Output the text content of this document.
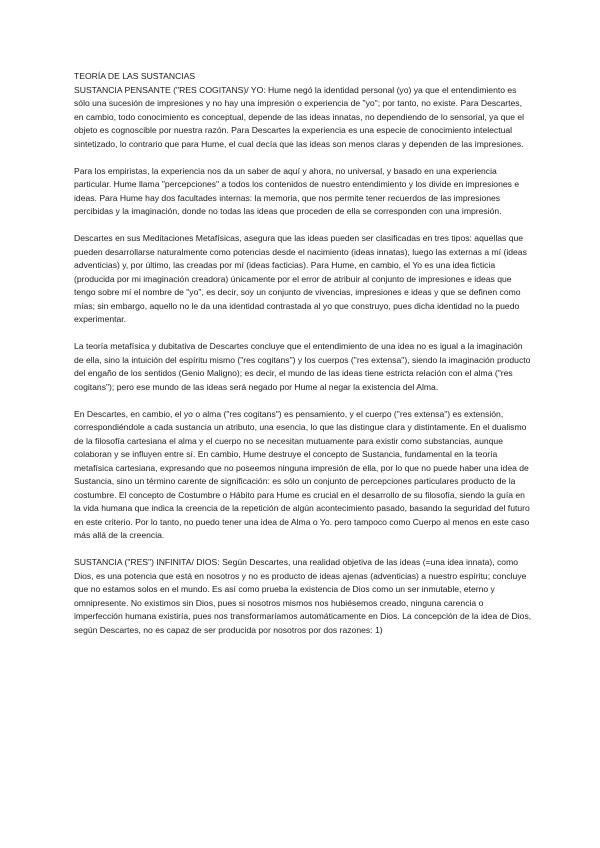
TEORÍA DE LAS SUSTANCIAS

SUSTANCIA PENSANTE ("RES COGITANS)/ YO: Hume negó la identidad personal (yo) ya que el entendimiento es sólo una sucesión de impresiones y no hay una impresión o experiencia de "yo"; por tanto, no existe. Para Descartes, en cambio, todo conocimiento es conceptual, depende de las ideas innatas, no dependiendo de lo sensorial, ya que el objeto es cognoscible por nuestra razón. Para Descartes la experiencia es una especie de conocimiento intelectual sintetizado, lo contrario que para Hume, el cual decía que las ideas son menos claras y dependen de las impresiones.

Para los empiristas, la experiencia nos da un saber de aquí y ahora, no universal, y basado en una experiencia particular. Hume llama "percepciones" a todos los contenidos de nuestro entendimiento y los divide en impresiones e ideas. Para Hume hay dos facultades internas: la memoria, que nos permite tener recuerdos de las impresiones percibidas y la imaginación, donde no todas las ideas que proceden de ella se corresponden con una impresión.

Descartes en sus Meditaciones Metafísicas, asegura que las ideas pueden ser clasificadas en tres tipos: aquellas que pueden desarrollarse naturalmente como potencias desde el nacimiento (ideas innatas), luego las externas a mí (ideas adventicias) y, por último, las creadas por mí (ideas facticias). Para Hume, en cambio, el Yo es una idea ficticia (producida por mi imaginación creadora) únicamente por el error de atribuir al conjunto de impresiones e ideas que tengo sobre mí el nombre de "yo", es decir, soy un conjunto de vivencias, impresiones e ideas y que se definen como mías; sin embargo, aquello no le da una identidad contrastada al yo que construyo, pues dicha identidad no la puedo experimentar.

La teoría metafísica y dubitativa de Descartes concluye que el entendimiento de una idea no es igual a la imaginación de ella, sino la intuición del espíritu mismo ("res cogitans") y los cuerpos ("res extensa"), siendo la imaginación producto del engaño de los sentidos (Genio Maligno); es decir, el mundo de las ideas tiene estricta relación con el alma ("res cogitans"); pero ese mundo de las ideas será negado por Hume al negar la existencia del Alma.

En Descartes, en cambio, el yo o alma ("res cogitans") es pensamiento, y el cuerpo ("res extensa") es extensión, correspondiéndole a cada sustancia un atributo, una esencia, lo que las distingue clara y distintamente. En el dualismo de la filosofía cartesiana el alma y el cuerpo no se necesitan mutuamente para existir como substancias, aunque colaboran y se influyen entre sí. En cambio, Hume destruye el concepto de Sustancia, fundamental en la teoría metafísica cartesiana, expresando que no poseemos ninguna impresión de ella, por lo que no puede haber una idea de Sustancia, sino un término carente de significación: es sólo un conjunto de percepciones particulares producto de la costumbre. El concepto de Costumbre o Hábito para Hume es crucial en el desarrollo de su filosofía, siendo la guía en la vida humana que indica la creencia de la repetición de algún acontecimiento pasado, basando la seguridad del futuro en este criterio. Por lo tanto, no puedo tener una idea de Alma o Yo. pero tampoco como Cuerpo al menos en este caso más allá de la creencia.

SUSTANCIA ("RES") INFINITA/ DIOS: Según Descartes, una realidad objetiva de las ideas (=una idea innata), como Dios, es una potencia que está en nosotros y no es producto de ideas ajenas (adventicias) a nuestro espíritu; concluye que no estamos solos en el mundo. Es así como prueba la existencia de Dios como un ser inmutable, eterno y omnipresente. No existimos sin Dios, pues si nosotros mismos nos hubiésemos creado, ninguna carencia o imperfección humana existiría, pues nos transformaríamos automáticamente en Dios. La concepción de la idea de Dios, según Descartes, no es capaz de ser producida por nosotros por dos razones: 1)
